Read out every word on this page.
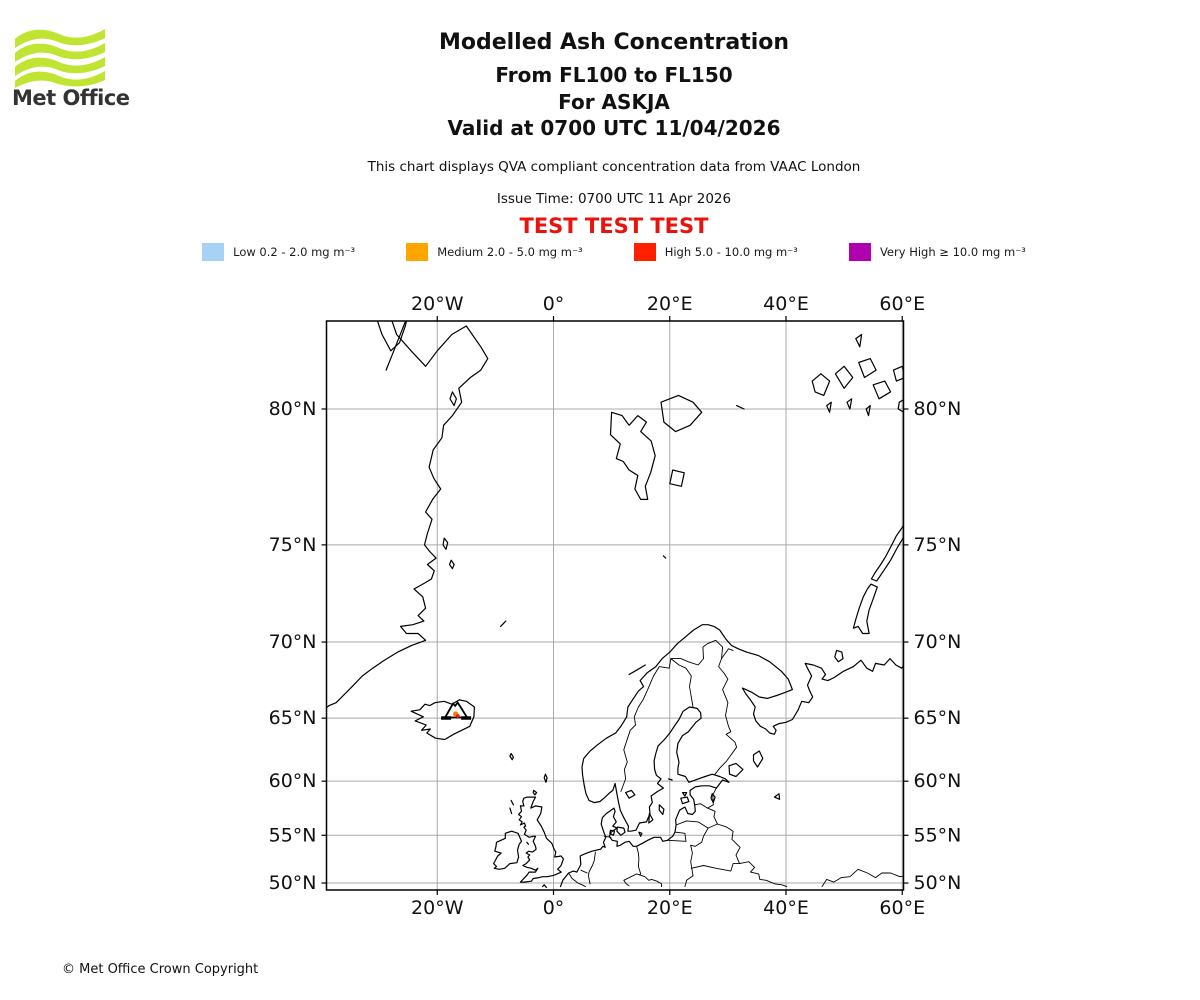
Met Office
Modelled Ash Concentration
From FL100 to FL150
For ASKJA
Valid at 0700 UTC 11/04/2026
This chart displays QVA compliant concentration data from VAAC London
Issue Time: 0700 UTC 11 Apr 2026
TEST TEST TEST
Low 0.2 - 2.0 mg m⁻³
	Medium 2.0 - 5.0 mg m⁻³
	High 5.0 - 10.0 mg m⁻³
	Very High ≥ 10.0 mg m⁻³
20°W
20°W
0°
0°
20°E
20°E
40°E
40°E
60°E
60°E
80°N	80°N
75°N	75°N
70°N	70°N
65°N	65°N
60°N	60°N
55°N	55°N
50°N	50°N
© Met Office Crown Copyright
